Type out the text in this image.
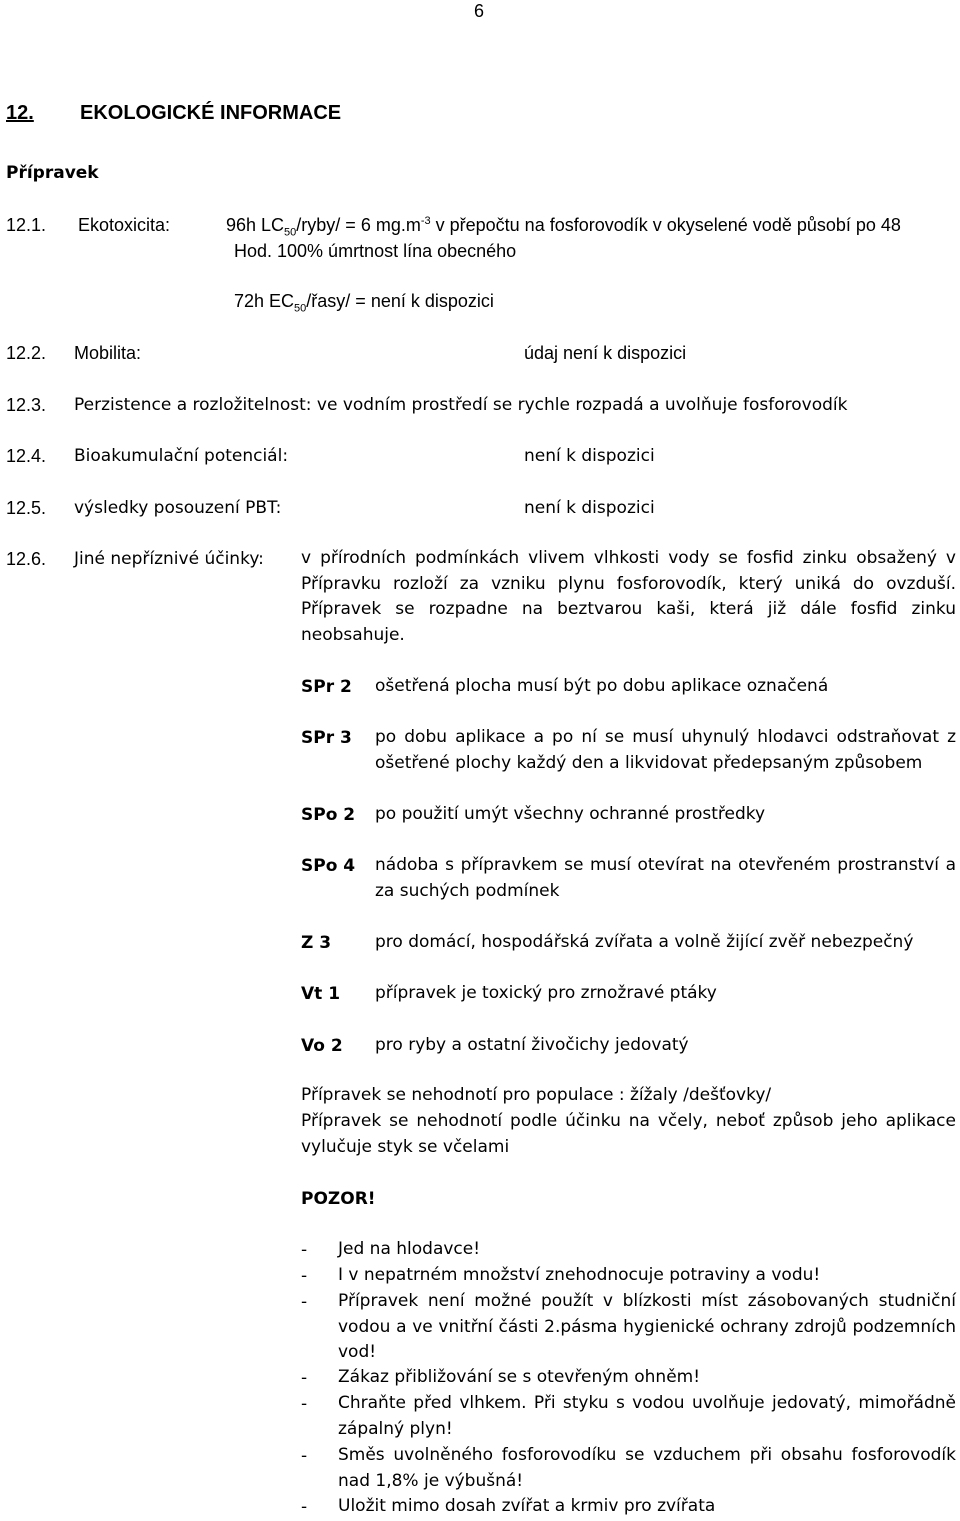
6
12. EKOLOGICKÉ INFORMACE
Přípravek
12.1. Ekotoxicita:	96h $LC_{50}/ryby/ = 6$ $mg.m^{-3}$ v přepočtu na fosforovodík v okyselené vodě působí po 48
Hod. 100% úmrtnost lína obecného
72h $EC_{50}/řasy/$ = není k dispozici
12.2. Mobilita:	údaj není k dispozici
12.3. Perzistence a rozložitelnost: ve vodním prostředí se rychle rozpadá a uvolňuje fosforovodík
12.4. Bioakumulační potenciál:	není k dispozici
12.5. výsledky posouzení PBT:	není k dispozici
12.6. Jiné nepříznivé účinky: v přírodních podmínkách vlivem vlhkosti vody se fosfid zinku obsažený v Přípravku rozloží za vzniku plynu fosforovodík, který uniká do ovzduší. Přípravek se rozpadne na beztvarou kaši, která již dále fosfid zinku neobsahuje.
SPr 2 ošetřená plocha musí být po dobu aplikace označená
SPr 3 po dobu aplikace a po ní se musí uhynulý hlodavci odstraňovat z ošetřené plochy každý den a likvidovat předepsaným způsobem
SPo 2 po použití umýt všechny ochranné prostředky
SPo 4 nádoba s přípravkem se musí otevírat na otevřeném prostranství a za suchých podmínek
Z 3	pro domácí, hospodářská zvířata a volně žijící zvěř nebezpečný
Vt 1 přípravek je toxický pro zrnožravé ptáky
Vo 2 pro ryby a ostatní živočichy jedovatý
Přípravek se nehodnotí pro populace : žížaly /dešťovky/
Přípravek se nehodnotí podle účinku na včely, neboť způsob jeho aplikace vylučuje styk se včelami
POZOR!
- Jed na hlodavce!
- I v nepatrném množství znehodnocuje potraviny a vodu!
- Přípravek není možné použít v blízkosti míst zásobovaných studniční vodou a ve vnitřní části 2.pásma hygienické ochrany zdrojů podzemních vod!
- Zákaz přibližování se s otevřeným ohněm!
- Chraňte před vlhkem. Při styku s vodou uvolňuje jedovatý, mimořádně zápalný plyn!
- Směs uvolněného fosforovodíku se vzduchem při obsahu fosforovodík nad 1,8% je výbušná!
- Uložit mimo dosah zvířat a krmiv pro zvířata
